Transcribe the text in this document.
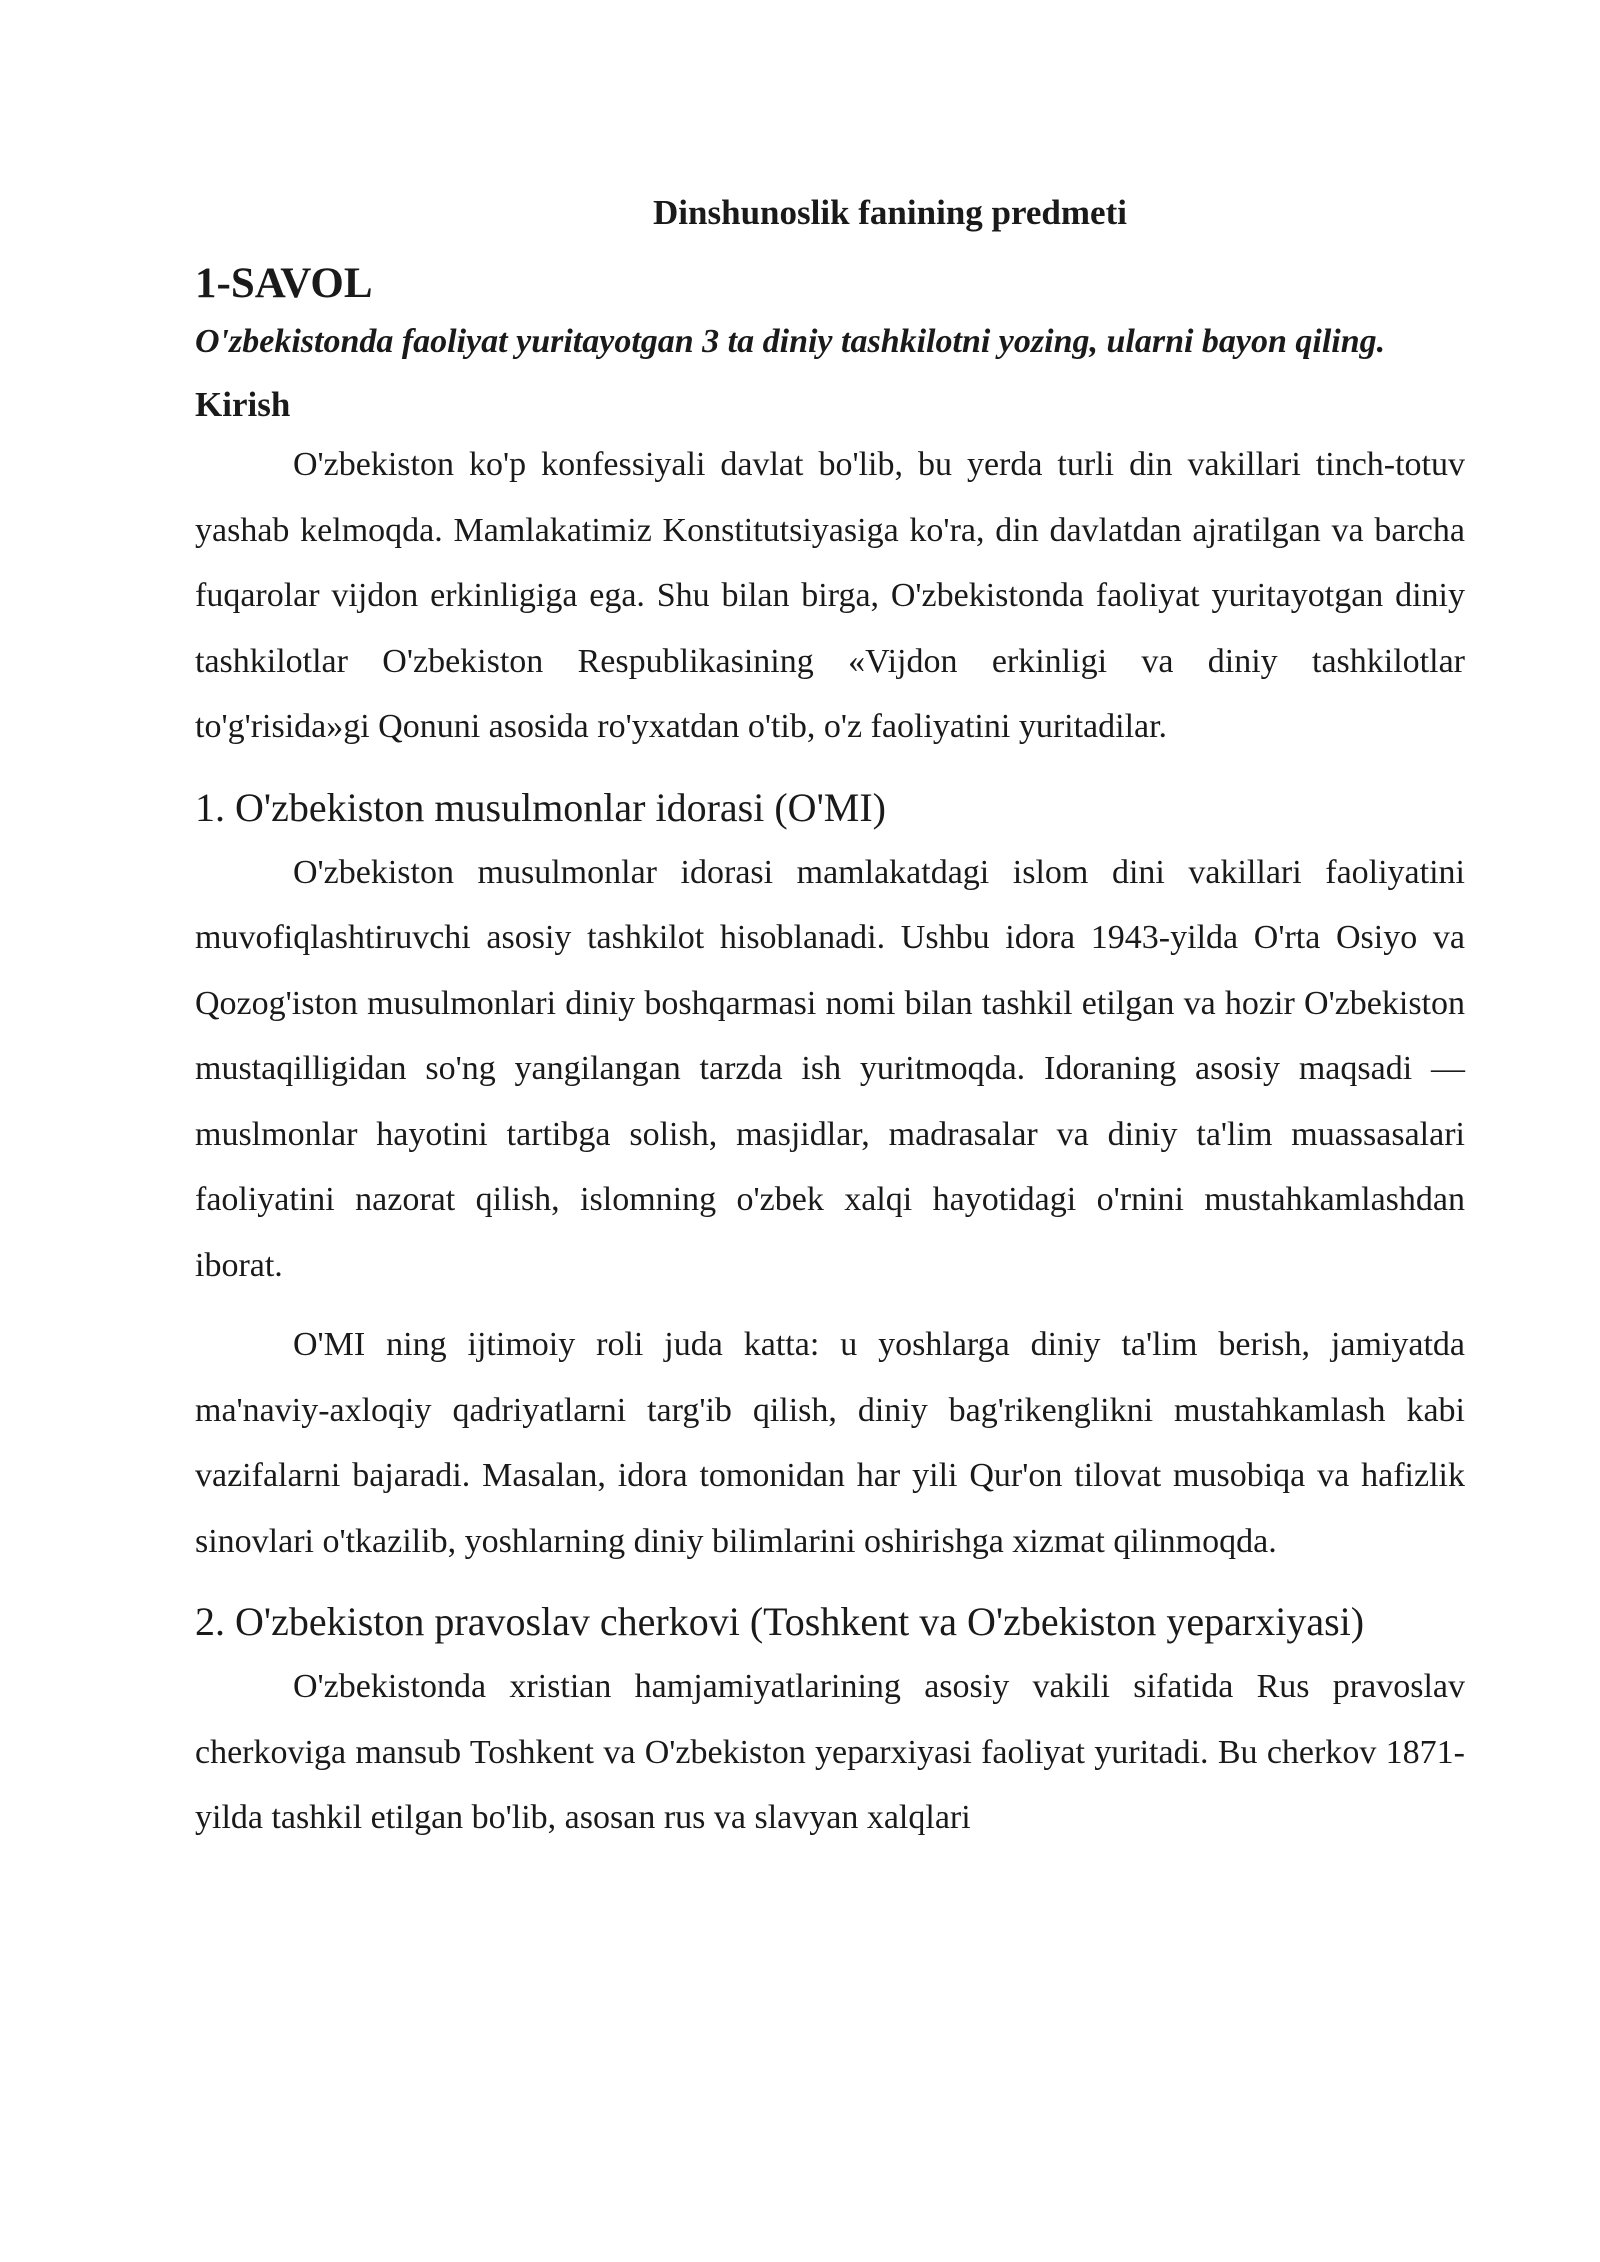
Dinshunoslik fanining predmeti
1-SAVOL
O'zbekistonda faoliyat yuritayotgan 3 ta diniy tashkilotni yozing, ularni bayon qiling.
Kirish

O'zbekiston ko'p konfessiyali davlat bo'lib, bu yerda turli din vakillari tinch-totuv yashab kelmoqda. Mamlakatimiz Konstitutsiyasiga ko'ra, din davlatdan ajratilgan va barcha fuqarolar vijdon erkinligiga ega. Shu bilan birga, O'zbekistonda faoliyat yuritayotgan diniy tashkilotlar O'zbekiston Respublikasining «Vijdon erkinligi va diniy tashkilotlar to'g'risida»gi Qonuni asosida ro'yxatdan o'tib, o'z faoliyatini yuritadilar.

1. O'zbekiston musulmonlar idorasi (O'MI)

O'zbekiston musulmonlar idorasi mamlakatdagi islom dini vakillari faoliyatini muvofiqlashtiruvchi asosiy tashkilot hisoblanadi. Ushbu idora 1943-yilda O'rta Osiyo va Qozog'iston musulmonlari diniy boshqarmasi nomi bilan tashkil etilgan va hozir O'zbekiston mustaqilligidan so'ng yangilangan tarzda ish yuritmoqda. Idoraning asosiy maqsadi — muslmonlar hayotini tartibga solish, masjidlar, madrasalar va diniy ta'lim muassasalari faoliyatini nazorat qilish, islomning o'zbek xalqi hayotidagi o'rnini mustahkamlashdan iborat.

O'MI ning ijtimoiy roli juda katta: u yoshlarga diniy ta'lim berish, jamiyatda ma'naviy-axloqiy qadriyatlarni targ'ib qilish, diniy bag'rikenglikni mustahkamlash kabi vazifalarni bajaradi. Masalan, idora tomonidan har yili Qur'on tilovat musobiqa va hafizlik sinovlari o'tkazilib, yoshlarning diniy bilimlarini oshirishga xizmat qilinmoqda.

2. O'zbekiston pravoslav cherkovi (Toshkent va O'zbekiston yeparxiyasi)

O'zbekistonda xristian hamjamiyatlarining asosiy vakili sifatida Rus pravoslav cherkoviga mansub Toshkent va O'zbekiston yeparxiyasi faoliyat yuritadi. Bu cherkov 1871-yilda tashkil etilgan bo'lib, asosan rus va slavyan xalqlari
